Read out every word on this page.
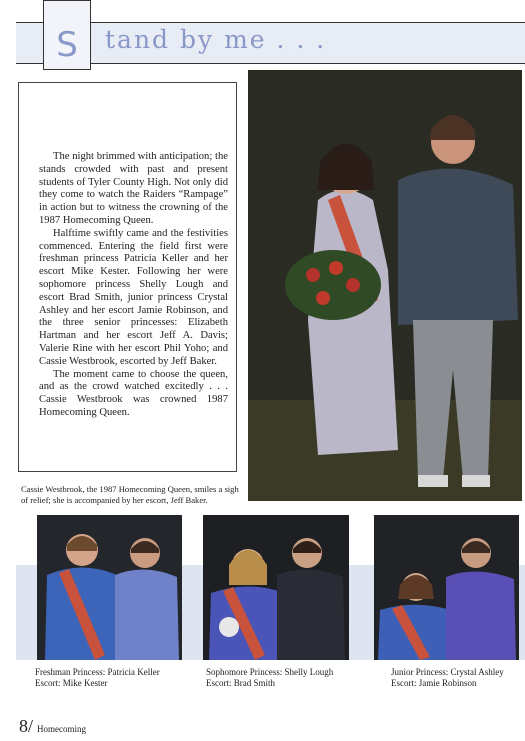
S tand by me . . .

The night brimmed with anticipation; the stands crowded with past and present students of Tyler County High. Not only did they come to watch the Raiders “Rampage” in action but to witness the crowning of the 1987 Homecoming Queen.

Halftime swiftly came and the festivities commenced. Entering the field first were freshman princess Patricia Keller and her escort Mike Kester. Following her were sophomore princess Shelly Lough and escort Brad Smith, junior princess Crystal Ashley and her escort Jamie Robinson, and the three senior princesses: Elizabeth Hartman and her escort Jeff A. Davis; Valerie Rine with her escort Phil Yoho; and Cassie Westbrook, escorted by Jeff Baker.

The moment came to choose the queen, and as the crowd watched excitedly . . . Cassie Westbrook was crowned 1987 Homecoming Queen.

Cassie Westbrook, the 1987 Homecoming Queen, smiles a sigh of relief; she is accompanied by her escort, Jeff Baker.
Freshman Princess: Patricia Keller
Escort: Mike Kester
Sophomore Princess: Shelly Lough
Escort: Brad Smith
Junior Princess: Crystal Ashley
Escort: Jamie Robinson
8 / Homecoming
